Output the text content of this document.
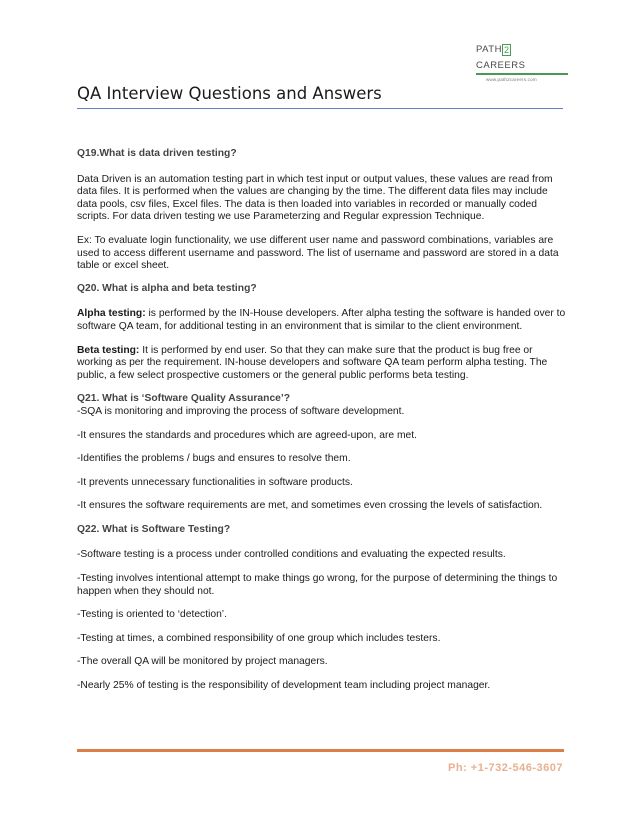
PATH 2
CAREERS
www.path2careers.com
QA Interview Questions and Answers

Q19.What is data driven testing?

Data Driven is an automation testing part in which test input or output values, these values are read from data files. It is performed when the values are changing by the time. The different data files may include data pools, csv files, Excel files. The data is then loaded into variables in recorded or manually coded scripts. For data driven testing we use Parameterzing and Regular expression Technique.

Ex: To evaluate login functionality, we use different user name and password combinations, variables are used to access different username and password. The list of username and password are stored in a data table or excel sheet.

Q20. What is alpha and beta testing?

Alpha testing: is performed by the IN-House developers. After alpha testing the software is handed over to software QA team, for additional testing in an environment that is similar to the client environment.

Beta testing: It is performed by end user. So that they can make sure that the product is bug free or working as per the requirement. IN-house developers and software QA team perform alpha testing. The public, a few select prospective customers or the general public performs beta testing.

Q21. What is ‘Software Quality Assurance’?

-SQA is monitoring and improving the process of software development.

-It ensures the standards and procedures which are agreed-upon, are met.

-Identifies the problems / bugs and ensures to resolve them.

-It prevents unnecessary functionalities in software products.

-It ensures the software requirements are met, and sometimes even crossing the levels of satisfaction.

Q22. What is Software Testing?

-Software testing is a process under controlled conditions and evaluating the expected results.

-Testing involves intentional attempt to make things go wrong, for the purpose of determining the things to happen when they should not.

-Testing is oriented to ‘detection’.

-Testing at times, a combined responsibility of one group which includes testers.

-The overall QA will be monitored by project managers.

-Nearly 25% of testing is the responsibility of development team including project manager.

Ph: +1-732-546-3607
